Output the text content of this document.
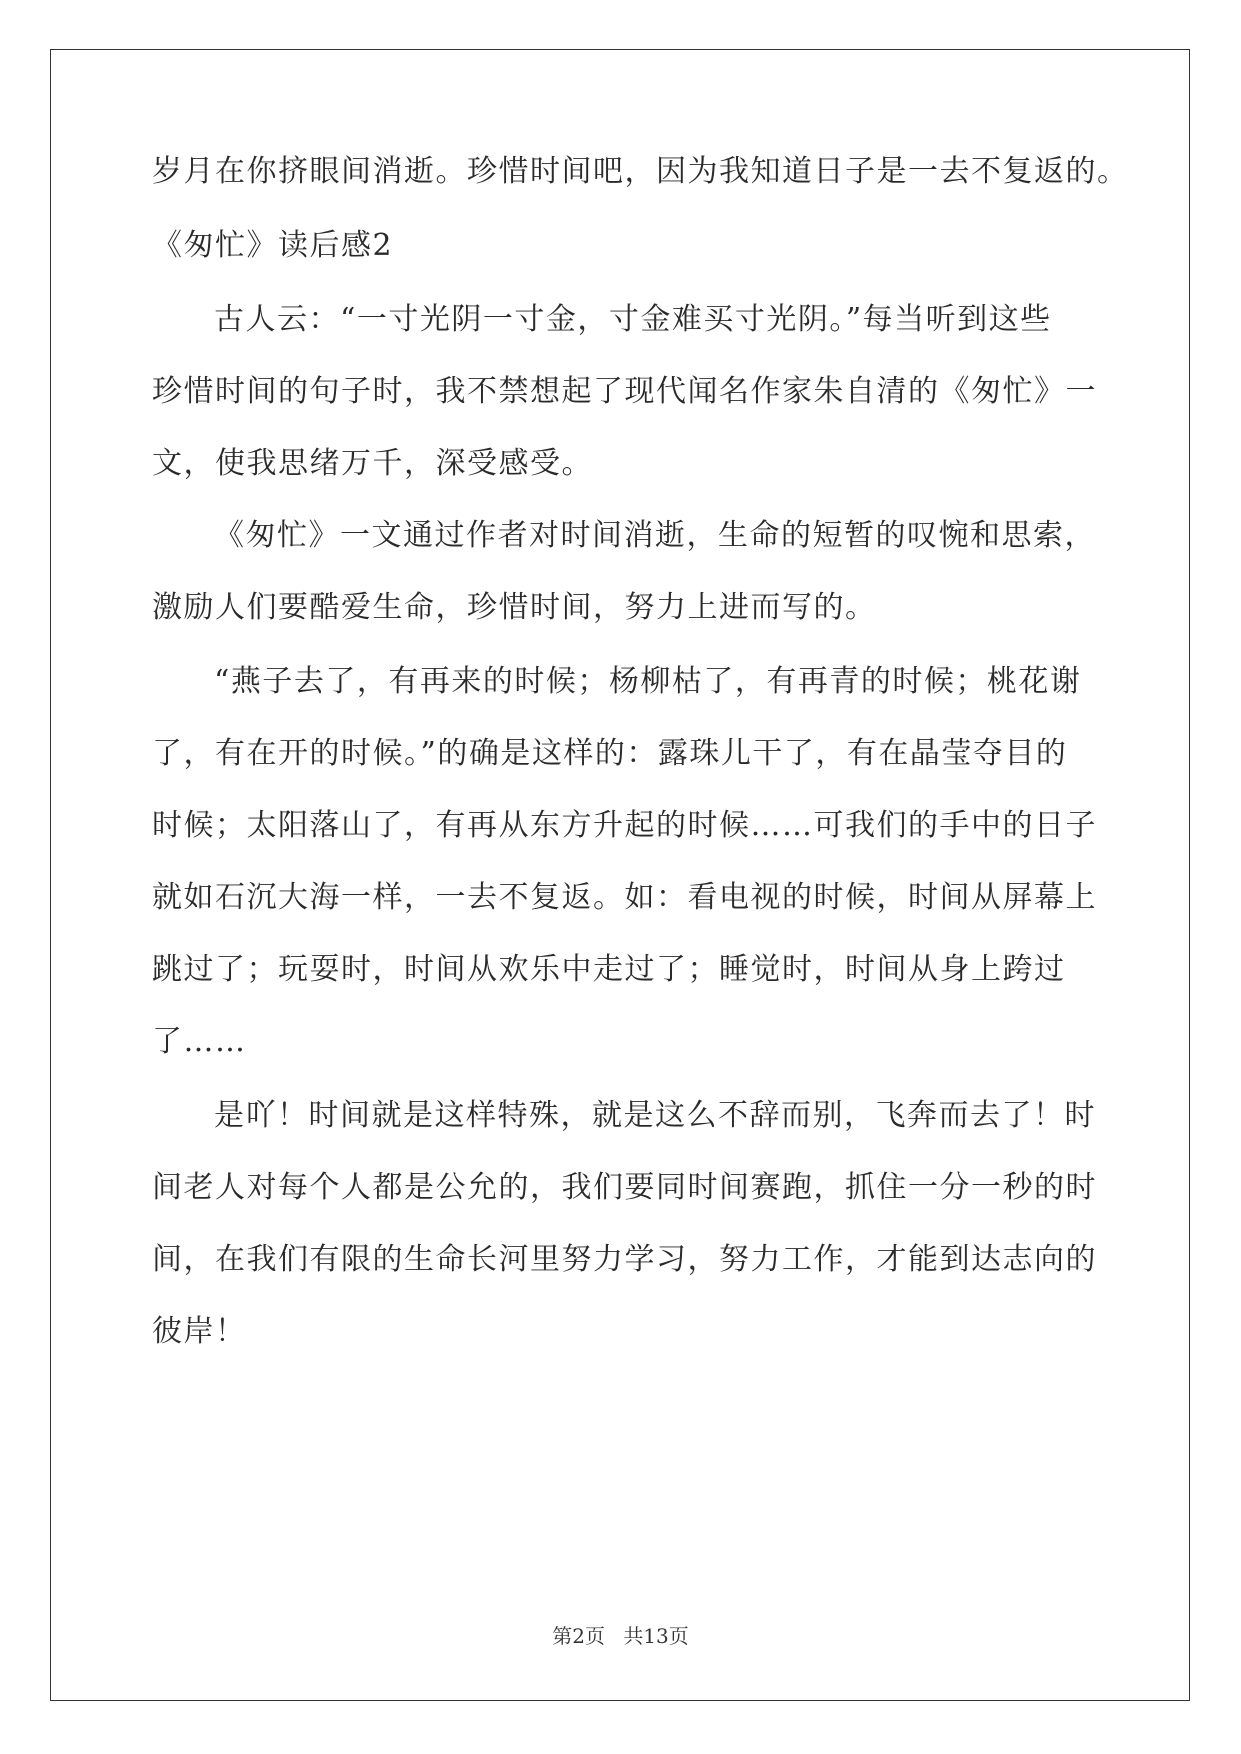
岁月在你挤眼间消逝。珍惜时间吧，因为我知道日子是一去不复返的。
《匆忙》读后感2
古人云：“一寸光阴一寸金，寸金难买寸光阴。”每当听到这些
珍惜时间的句子时，我不禁想起了现代闻名作家朱自清的《匆忙》一
文，使我思绪万千，深受感受。
《匆忙》一文通过作者对时间消逝，生命的短暂的叹惋和思索，
激励人们要酷爱生命，珍惜时间，努力上进而写的。
“燕子去了，有再来的时候；杨柳枯了，有再青的时候；桃花谢
了，有在开的时候。”的确是这样的：露珠儿干了，有在晶莹夺目的
时候；太阳落山了，有再从东方升起的时候……可我们的手中的日子
就如石沉大海一样，一去不复返。如：看电视的时候，时间从屏幕上
跳过了；玩耍时，时间从欢乐中走过了；睡觉时，时间从身上跨过
了……
是吖！时间就是这样特殊，就是这么不辞而别，飞奔而去了！时
间老人对每个人都是公允的，我们要同时间赛跑，抓住一分一秒的时
间，在我们有限的生命长河里努力学习，努力工作，才能到达志向的
彼岸！
第2页 共13页
